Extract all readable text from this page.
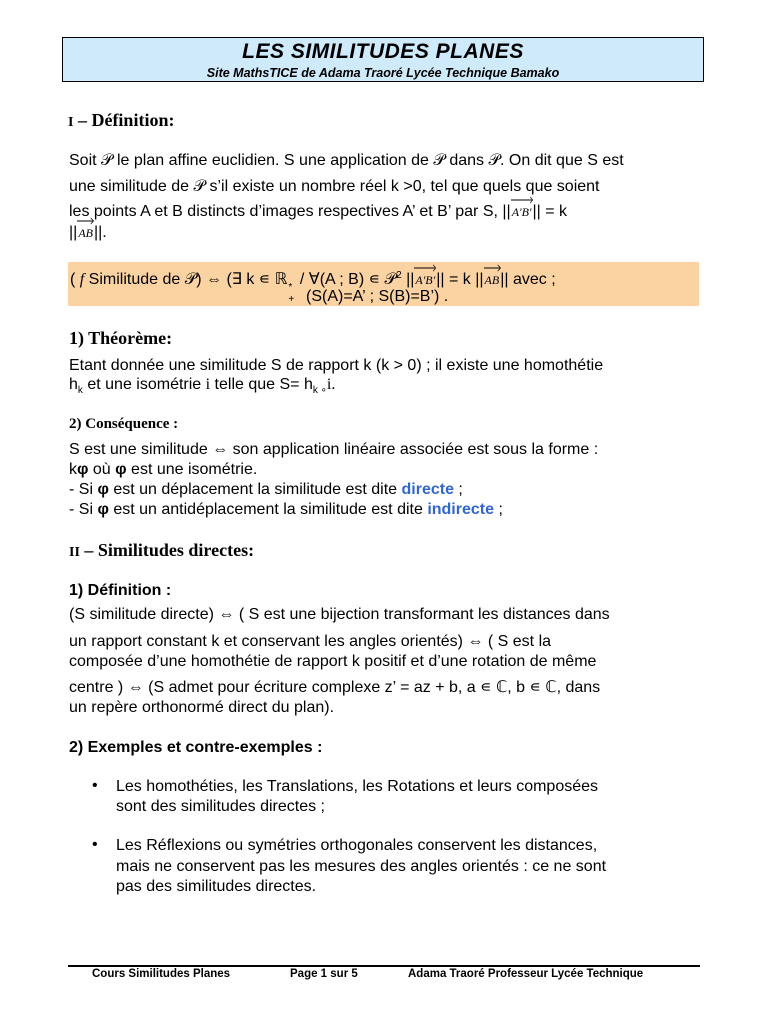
LES SIMILITUDES PLANES
Site MathsTICE de Adama Traoré Lycée Technique Bamako
I – Définition:
Soit 𝒫 le plan affine euclidien. S une application de 𝒫 dans 𝒫. On dit que S est
une similitude de 𝒫 s’il existe un nombre réel k >0, tel que quels que soient
les points A et B distincts d’images respectives A’ et B’ par S, ||A'B'
|| = k
||AB
||.
( f Similitude de 𝒫) ⇔ (∃ k ∊ ℝ *
+
/ ∀(A ; B) ∊ 𝒫$^2$ ||A'B'
|| = k ||AB
|| avec ;
(S(A)=A’ ; S(B)=B’) .
1) Théorème:
Etant donnée une similitude S de rapport k (k > 0) ; il existe une homothétie
$h_k$ et une isométrie i telle que $S= h_{k \circ}i$.
2) Conséquence :
S est une similitude ⇔ son application linéaire associée est sous la forme :
kφ où φ est une isométrie.
- Si φ est un déplacement la similitude est dite directe ;
- Si φ est un antidéplacement la similitude est dite indirecte ;
II – Similitudes directes:
1) Définition :
(S similitude directe) ⇔ ( S est une bijection transformant les distances dans
un rapport constant k et conservant les angles orientés) ⇔ ( S est la
composée d’une homothétie de rapport k positif et d’une rotation de même
centre ) ⇔ (S admet pour écriture complexe z’ = az + b, a ∊ ℂ, b ∊ ℂ, dans
un repère orthonormé direct du plan).
2) Exemples et contre-exemples :
• Les homothéties, les Translations, les Rotations et leurs composées
sont des similitudes directes ;
• Les Réflexions ou symétries orthogonales conservent les distances,
mais ne conservent pas les mesures des angles orientés : ce ne sont
pas des similitudes directes.
Cours Similitudes Planes	Page 1 sur 5	Adama Traoré Professeur Lycée Technique
